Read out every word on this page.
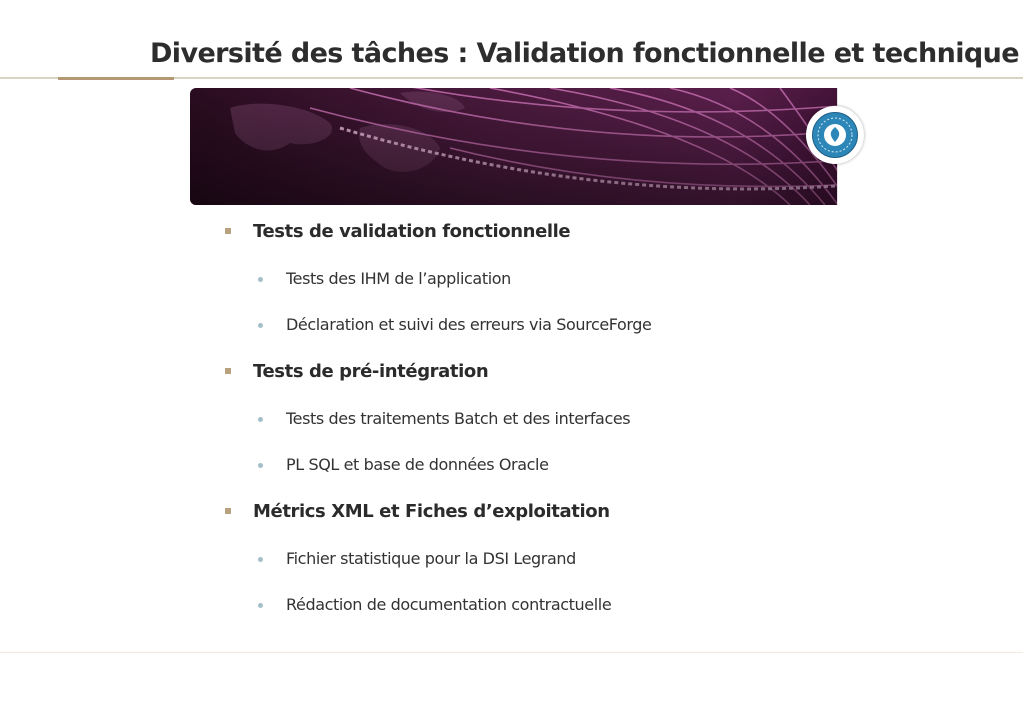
Diversité des tâches : Validation fonctionnelle et technique
Tests de validation fonctionnelle
Tests des IHM de l’application
Déclaration et suivi des erreurs via SourceForge
Tests de pré-intégration
Tests des traitements Batch et des interfaces
PL SQL et base de données Oracle
Métrics XML et Fiches d’exploitation
Fichier statistique pour la DSI Legrand
Rédaction de documentation contractuelle
